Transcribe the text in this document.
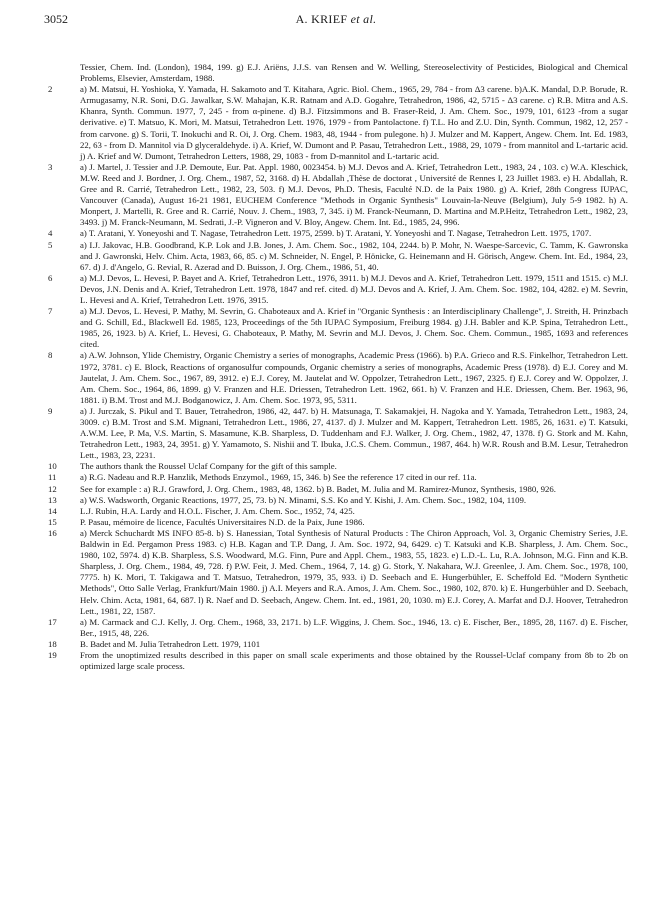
3052	A. KRIEF et al.
Tessier, Chem. Ind. (London), 1984, 199. g) E.J. Ariëns, J.J.S. van Rensen and W. Welling, Stereoselectivity of Pesticides, Biological and Chemical Problems, Elsevier, Amsterdam, 1988.
2	a) M. Matsui, H. Yoshioka, Y. Yamada, H. Sakamoto and T. Kitahara, Agric. Biol. Chem., 1965, 29, 784 - from Δ3 carene. b)A.K. Mandal, D.P. Borude, R. Armugasamy, N.R. Soni, D.G. Jawalkar, S.W. Mahajan, K.R. Ratnam and A.D. Gogahre, Tetrahedron, 1986, 42, 5715 - Δ3 carene. c) R.B. Mitra and A.S. Khanra, Synth. Commun. 1977, 7, 245 - from α-pinene. d) B.J. Fitzsimmons and B. Fraser-Reid, J. Am. Chem. Soc., 1979, 101, 6123 -from a sugar derivative. e) T. Matsuo, K. Mori, M. Matsui, Tetrahedron Lett. 1976, 1979 - from Pantolactone. f) T.L. Ho and Z.U. Din, Synth. Commun, 1982, 12, 257 - from carvone. g) S. Torii, T. Inokuchi and R. Oi, J. Org. Chem. 1983, 48, 1944 - from pulegone. h) J. Mulzer and M. Kappert, Angew. Chem. Int. Ed. 1983, 22, 63 - from D. Mannitol via D glyceraldehyde. i) A. Krief, W. Dumont and P. Pasau, Tetrahedron Lett., 1988, 29, 1079 - from mannitol and L-tartaric acid. j) A. Krief and W. Dumont, Tetrahedron Letters, 1988, 29, 1083 - from D-mannitol and L-tartaric acid.
3	a) J. Martel, J. Tessier and J.P. Demoute, Eur. Pat. Appl. 1980, 0023454. b) M.J. Devos and A. Krief, Tetrahedron Lett., 1983, 24 , 103. c) W.A. Kleschick, M.W. Reed and J. Bordner, J. Org. Chem., 1987, 52, 3168. d) H. Abdallah ,Thèse de doctorat , Université de Rennes I, 23 Juillet 1983. e) H. Abdallah, R. Gree and R. Carrié, Tetrahedron Lett., 1982, 23, 503. f) M.J. Devos, Ph.D. Thesis, Faculté N.D. de la Paix 1980. g) A. Krief, 28th Congress IUPAC, Vancouver (Canada), August 16-21 1981, EUCHEM Conference "Methods in Organic Synthesis" Louvain-la-Neuve (Belgium), July 5-9 1982. h) A. Monpert, J. Martelli, R. Gree and R. Carrié, Nouv. J. Chem., 1983, 7, 345. i) M. Franck-Neumann, D. Martina and M.P.Heitz, Tetrahedron Lett., 1982, 23, 3493. j) M. Franck-Neumann, M. Sedrati, J.-P. Vigneron and V. Bloy, Angew. Chem. Int. Ed., 1985, 24, 996.
4	a) T. Aratani, Y. Yoneyoshi and T. Nagase, Tetrahedron Lett. 1975, 2599. b) T. Aratani, Y. Yoneyoshi and T. Nagase, Tetrahedron Lett. 1975, 1707.
5	a) I.J. Jakovac, H.B. Goodbrand, K.P. Lok and J.B. Jones, J. Am. Chem. Soc., 1982, 104, 2244. b) P. Mohr, N. Waespe-Sarcevic, C. Tamm, K. Gawronska and J. Gawronski, Helv. Chim. Acta, 1983, 66, 85. c) M. Schneider, N. Engel, P. Hönicke, G. Heinemann and H. Görisch, Angew. Chem. Int. Ed., 1984, 23, 67. d) J. d'Angelo, G. Revial, R. Azerad and D. Buisson, J. Org. Chem., 1986, 51, 40.
6	a) M.J. Devos, L. Hevesi, P. Bayet and A. Krief, Tetrahedron Lett., 1976, 3911. b) M.J. Devos and A. Krief, Tetrahedron Lett. 1979, 1511 and 1515. c) M.J. Devos, J.N. Denis and A. Krief, Tetrahedron Lett. 1978, 1847 and ref. cited. d) M.J. Devos and A. Krief, J. Am. Chem. Soc. 1982, 104, 4282. e) M. Sevrin, L. Hevesi and A. Krief, Tetrahedron Lett. 1976, 3915.
7	a) M.J. Devos, L. Hevesi, P. Mathy, M. Sevrin, G. Chaboteaux and A. Krief in "Organic Synthesis : an Interdisciplinary Challenge", J. Streith, H. Prinzbach and G. Schill, Ed., Blackwell Ed. 1985, 123, Proceedings of the 5th IUPAC Symposium, Freiburg 1984. g) J.H. Babler and K.P. Spina, Tetrahedron Lett., 1985, 26, 1923. b) A. Krief, L. Hevesi, G. Chaboteaux, P. Mathy, M. Sevrin and M.J. Devos, J. Chem. Soc. Chem. Commun., 1985, 1693 and references cited.
8	a) A.W. Johnson, Ylide Chemistry, Organic Chemistry a series of monographs, Academic Press (1966). b) P.A. Grieco and R.S. Finkelhor, Tetrahedron Lett. 1972, 3781. c) E. Block, Reactions of organosulfur compounds, Organic chemistry a series of monographs, Academic Press (1978). d) E.J. Corey and M. Jautelat, J. Am. Chem. Soc., 1967, 89, 3912. e) E.J. Corey, M. Jautelat and W. Oppolzer, Tetrahedron Lett., 1967, 2325. f) E.J. Corey and W. Oppolzer, J. Am. Chem. Soc., 1964, 86, 1899. g) V. Franzen and H.E. Driessen, Tetrahedron Lett. 1962, 661. h) V. Franzen and H.E. Driessen, Chem. Ber. 1963, 96, 1881. i) B.M. Trost and M.J. Bodganowicz, J. Am. Chem. Soc. 1973, 95, 5311.
9	a) J. Jurczak, S. Pikul and T. Bauer, Tetrahedron, 1986, 42, 447. b) H. Matsunaga, T. Sakamakjei, H. Nagoka and Y. Yamada, Tetrahedron Lett., 1983, 24, 3009. c) B.M. Trost and S.M. Mignani, Tetrahedron Lett., 1986, 27, 4137. d) J. Mulzer and M. Kappert, Tetrahedron Lett. 1985, 26, 1631. e) T. Katsuki, A.W.M. Lee, P. Ma, V.S. Martin, S. Masamune, K.B. Sharpless, D. Tuddenham and F.J. Walker, J. Org. Chem., 1982, 47, 1378. f) G. Stork and M. Kahn, Tetrahedron Lett., 1983, 24, 3951. g) Y. Yamamoto, S. Nishii and T. Ibuka, J.C.S. Chem. Commun., 1987, 464. h) W.R. Roush and B.M. Lesur, Tetrahedron Lett., 1983, 23, 2231.
10	The authors thank the Roussel Uclaf Company for the gift of this sample.
11	a) R.G. Nadeau and R.P. Hanzlik, Methods Enzymol., 1969, 15, 346. b) See the reference 17 cited in our ref. 11a.
12	See for example : a) R.J. Grawford, J. Org. Chem., 1983, 48, 1362. b) B. Badet, M. Julia and M. Ramirez-Munoz, Synthesis, 1980, 926.
13	a) W.S. Wadsworth, Organic Reactions, 1977, 25, 73. b) N. Minami, S.S. Ko and Y. Kishi, J. Am. Chem. Soc., 1982, 104, 1109.
14	L.J. Rubin, H.A. Lardy and H.O.L. Fischer, J. Am. Chem. Soc., 1952, 74, 425.
15	P. Pasau, mémoire de licence, Facultés Universitaires N.D. de la Paix, June 1986.
16	a) Merck Schuchardt MS INFO 85-8. b) S. Hanessian, Total Synthesis of Natural Products : The Chiron Approach, Vol. 3, Organic Chemistry Series, J.E. Baldwin in Ed. Pergamon Press 1983. c) H.B. Kagan and T.P. Dang, J. Am. Soc. 1972, 94, 6429. c) T. Katsuki and K.B. Sharpless, J. Am. Chem. Soc., 1980, 102, 5974. d) K.B. Sharpless, S.S. Woodward, M.G. Finn, Pure and Appl. Chem., 1983, 55, 1823. e) L.D.-L. Lu, R.A. Johnson, M.G. Finn and K.B. Sharpless, J. Org. Chem., 1984, 49, 728. f) P.W. Feit, J. Med. Chem., 1964, 7, 14. g) G. Stork, Y. Nakahara, W.J. Greenlee, J. Am. Chem. Soc., 1978, 100, 7775. h) K. Mori, T. Takigawa and T. Matsuo, Tetrahedron, 1979, 35, 933. i) D. Seebach and E. Hungerbühler, E. Scheffold Ed. "Modern Synthetic Methods", Otto Salle Verlag, Frankfurt/Main 1980. j) A.I. Meyers and R.A. Amos, J. Am. Chem. Soc., 1980, 102, 870. k) E. Hungerbühler and D. Seebach, Helv. Chim. Acta, 1981, 64, 687. l) R. Naef and D. Seebach, Angew. Chem. Int. ed., 1981, 20, 1030. m) E.J. Corey, A. Marfat and D.J. Hoover, Tetrahedron Lett., 1981, 22, 1587.
17	a) M. Carmack and C.J. Kelly, J. Org. Chem., 1968, 33, 2171. b) L.F. Wiggins, J. Chem. Soc., 1946, 13. c) E. Fischer, Ber., 1895, 28, 1167. d) E. Fischer, Ber., 1915, 48, 226.
18	B. Badet and M. Julia Tetrahedron Lett. 1979, 1101
19	From the unoptimized results described in this paper on small scale experiments and those obtained by the Roussel-Uclaf company from 8b to 2b on optimized large scale process.
